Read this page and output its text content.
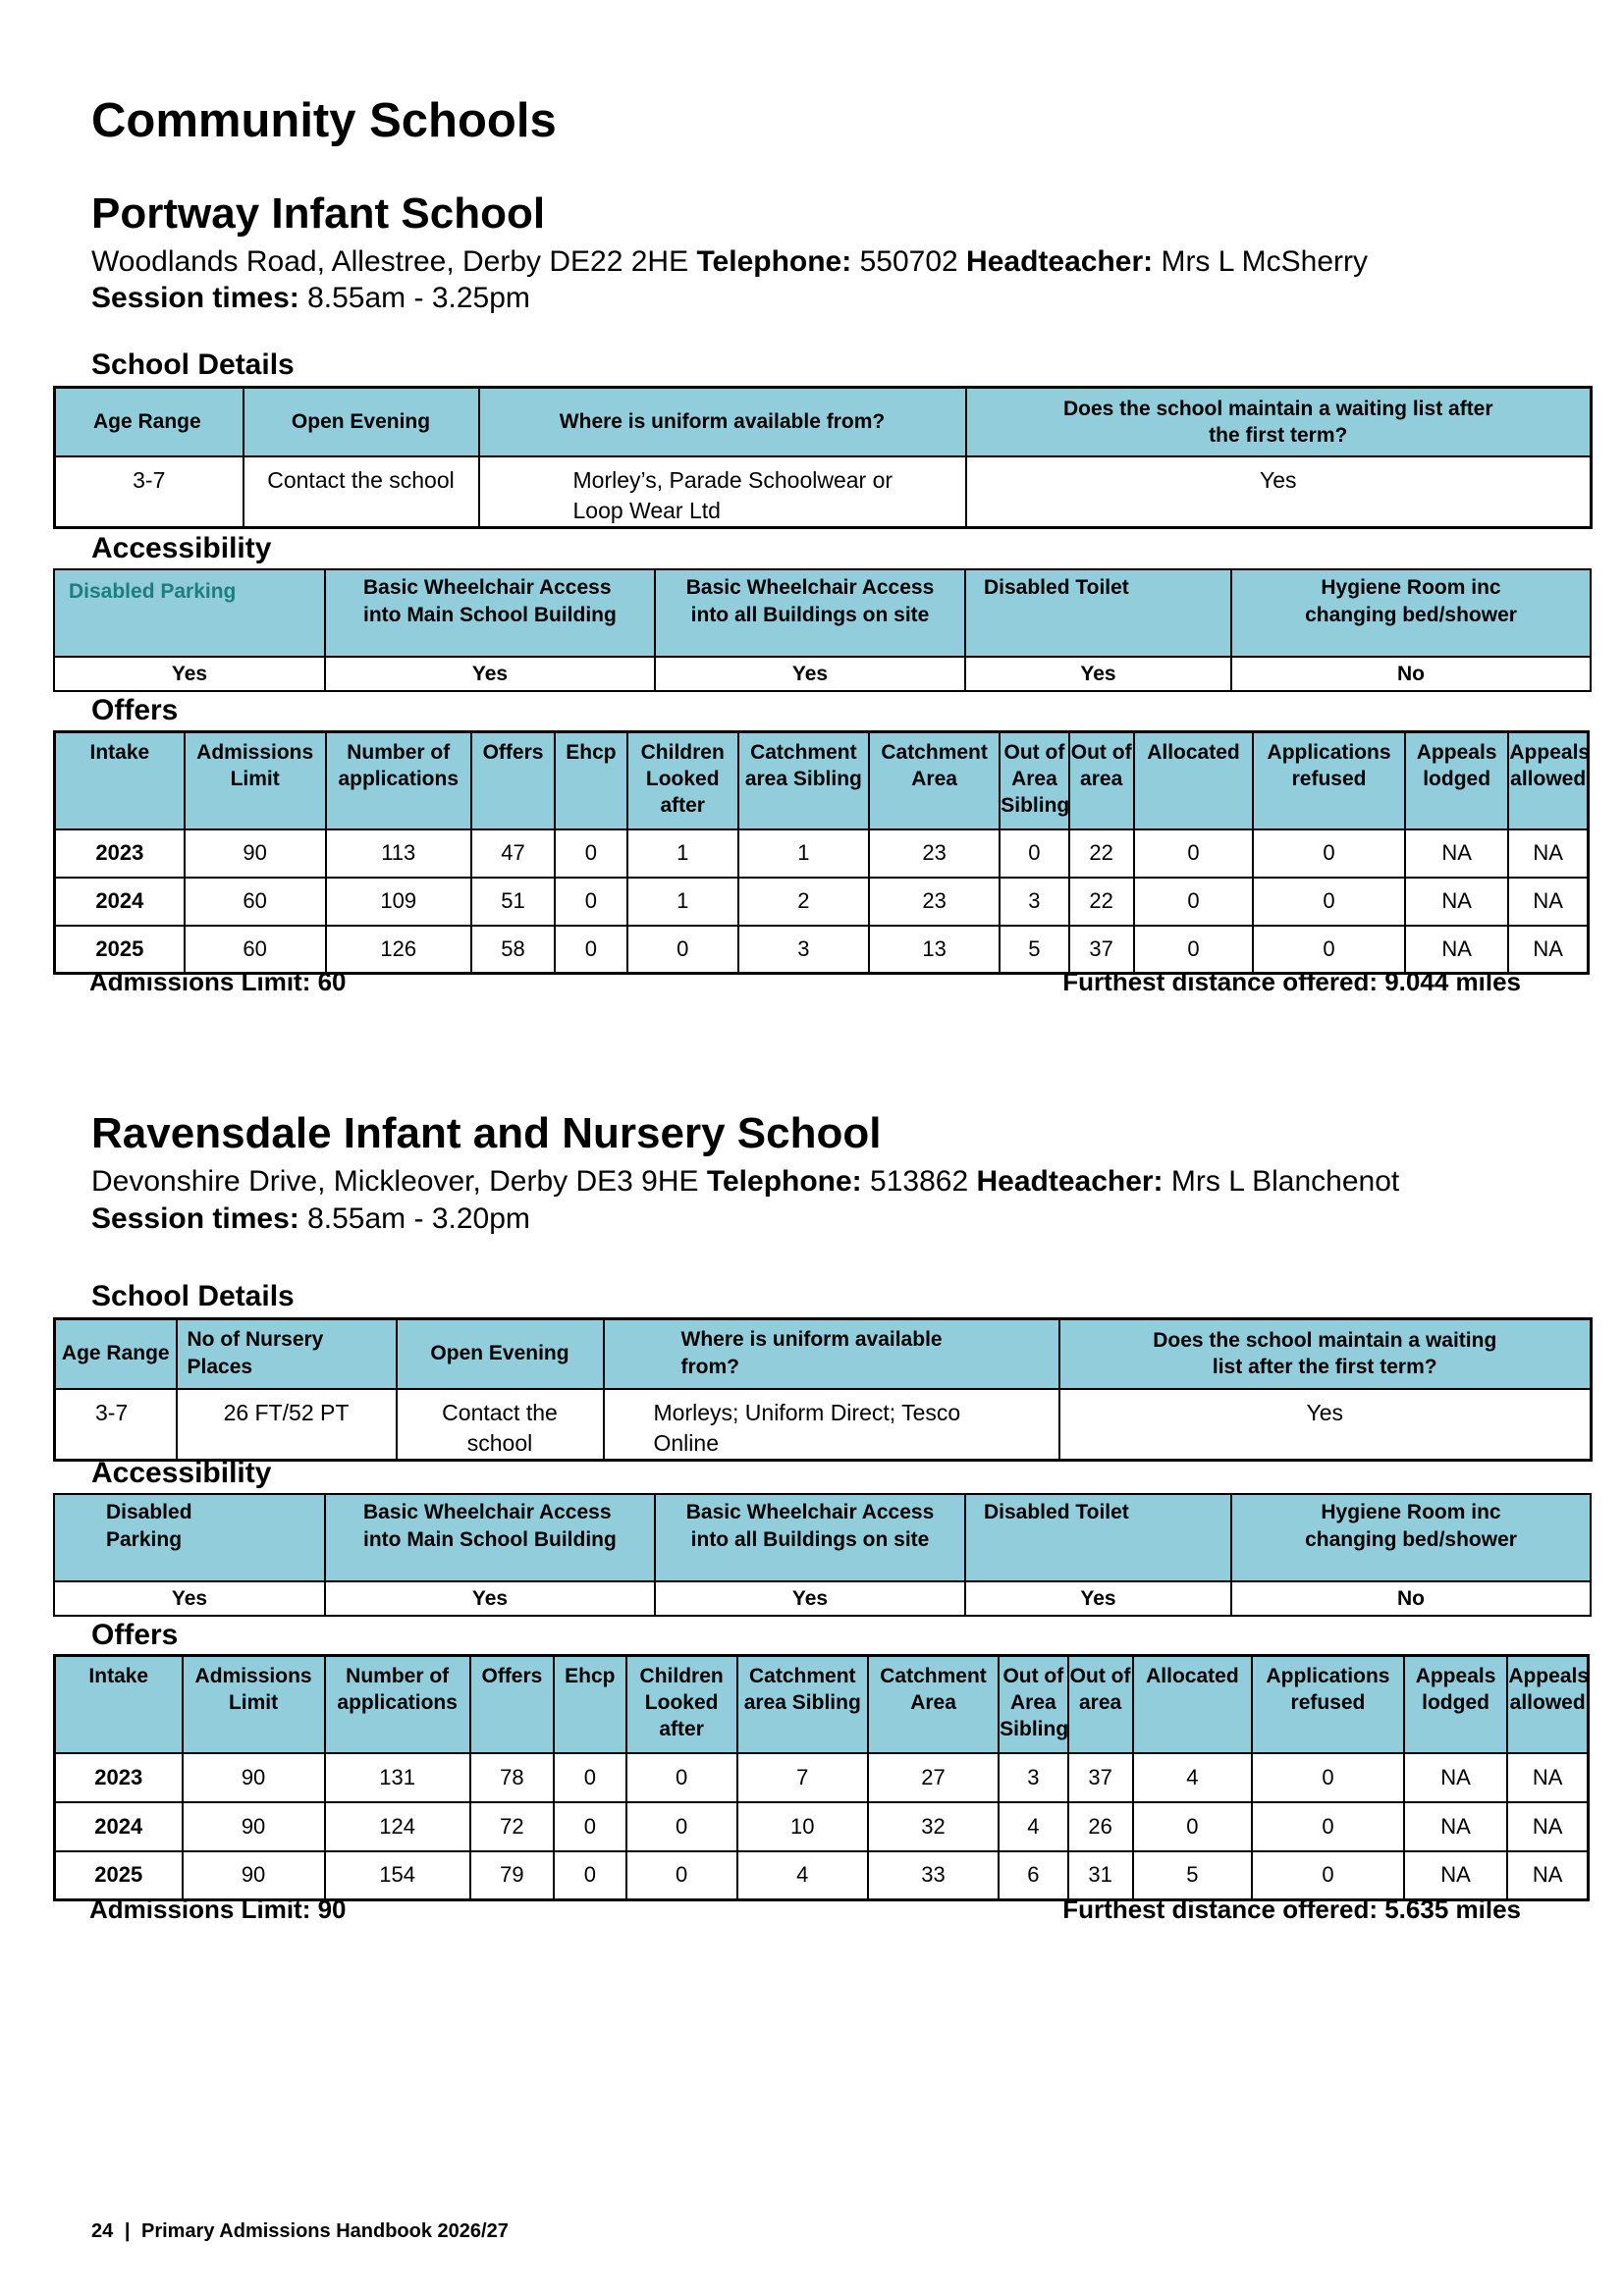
Community Schools
Portway Infant School
Woodlands Road, Allestree, Derby DE22 2HE Telephone: 550702 Headteacher: Mrs L McSherry
Session times: 8.55am - 3.25pm
School Details
Age Range	Open Evening	Where is uniform available from?	Does the school maintain a waiting list after the first term?
3-7	Contact the school	Morley’s, Parade Schoolwear or Loop Wear Ltd	Yes
Accessibility
Disabled Parking	Basic Wheelchair Access into Main School Building	Basic Wheelchair Access into all Buildings on site	Disabled Toilet	Hygiene Room inc changing bed/shower
Yes	Yes	Yes	Yes	No
Offers
Intake	Admissions Limit	Number of applications	Offers	Ehcp	Children Looked after	Catchment area Sibling	Catchment Area	Out of Area Sibling	Out of area	Allocated	Applications refused	Appeals lodged	Appeals allowed
2023	90	113	47	0	1	1	23	0	22	0	0	NA	NA
2024	60	109	51	0	1	2	23	3	22	0	0	NA	NA
2025	60	126	58	0	0	3	13	5	37	0	0	NA	NA
Admissions Limit: 60	Furthest distance offered: 9.044 miles
Ravensdale Infant and Nursery School
Devonshire Drive, Mickleover, Derby DE3 9HE Telephone: 513862 Headteacher: Mrs L Blanchenot
Session times: 8.55am - 3.20pm
School Details
Age Range	No of Nursery Places	Open Evening	Where is uniform available from?	Does the school maintain a waiting list after the first term?
3-7	26 FT/52 PT	Contact the school	Morleys; Uniform Direct; Tesco Online	Yes
Accessibility
Disabled Parking	Basic Wheelchair Access into Main School Building	Basic Wheelchair Access into all Buildings on site	Disabled Toilet	Hygiene Room inc changing bed/shower
Yes	Yes	Yes	Yes	No
Offers
Intake	Admissions Limit	Number of applications	Offers	Ehcp	Children Looked after	Catchment area Sibling	Catchment Area	Out of Area Sibling	Out of area	Allocated	Applications refused	Appeals lodged	Appeals allowed
2023	90	131	78	0	0	7	27	3	37	4	0	NA	NA
2024	90	124	72	0	0	10	32	4	26	0	0	NA	NA
2025	90	154	79	0	0	4	33	6	31	5	0	NA	NA
Admissions Limit: 90	Furthest distance offered: 5.635 miles
24 | Primary Admissions Handbook 2026/27
